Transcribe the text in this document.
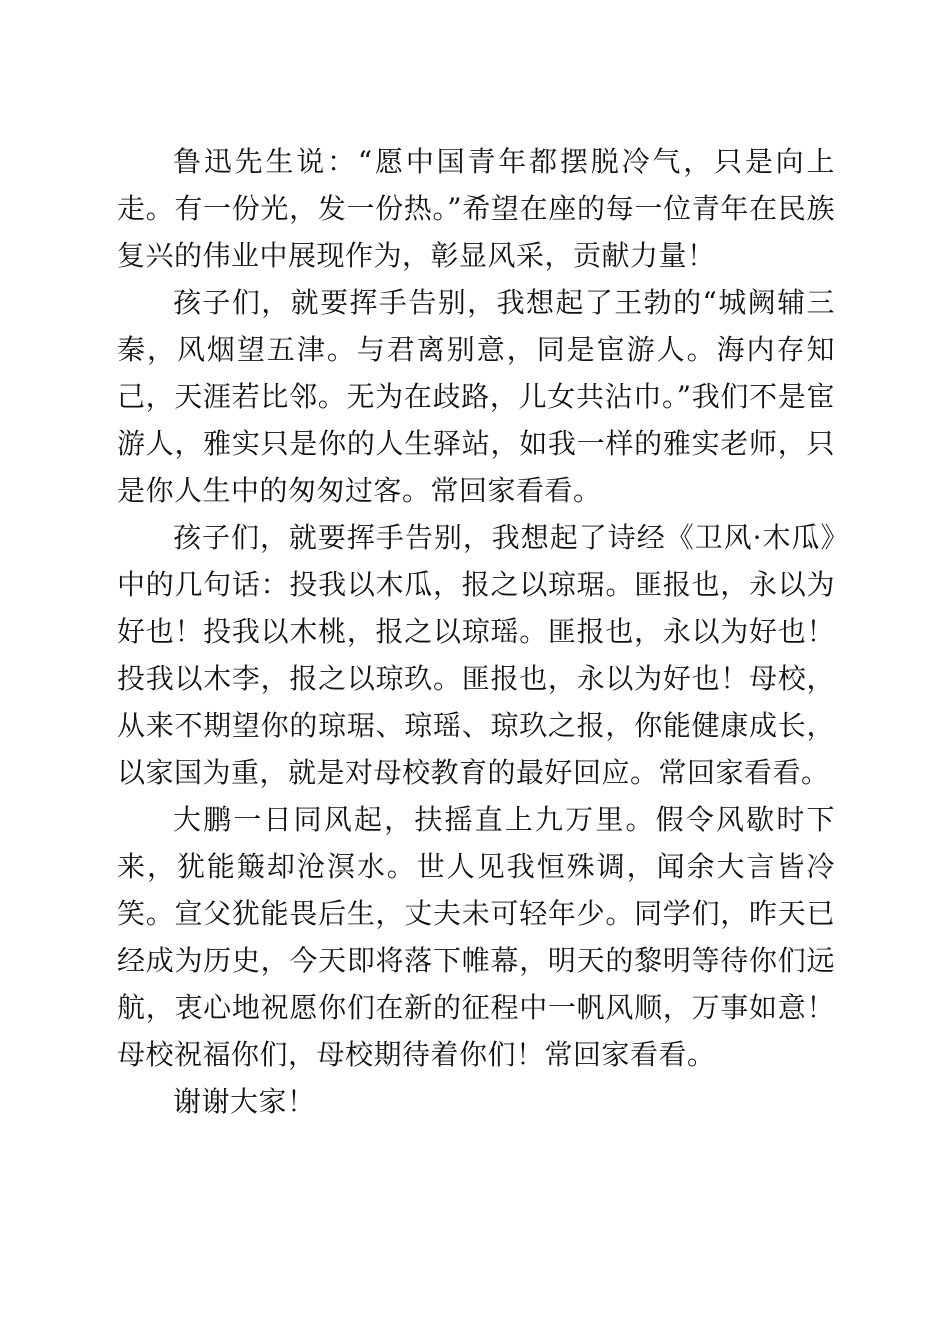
鲁迅先生说：“愿中国青年都摆脱冷气，只是向上走。有一份光，发一份热。”希望在座的每一位青年在民族复兴的伟业中展现作为，彰显风采，贡献力量！

孩子们，就要挥手告别，我想起了王勃的“城阙辅三秦，风烟望五津。与君离别意，同是宦游人。海内存知己，天涯若比邻。无为在歧路，儿女共沾巾。”我们不是宦游人，雅实只是你的人生驿站，如我一样的雅实老师，只是你人生中的匆匆过客。常回家看看。

孩子们，就要挥手告别，我想起了诗经《卫风·木瓜》中的几句话：投我以木瓜，报之以琼琚。匪报也，永以为好也！投我以木桃，报之以琼瑶。匪报也，永以为好也！投我以木李，报之以琼玖。匪报也，永以为好也！母校，从来不期望你的琼琚、琼瑶、琼玖之报，你能健康成长，以家国为重，就是对母校教育的最好回应。常回家看看。

大鹏一日同风起，扶摇直上九万里。假令风歇时下来，犹能簸却沧溟水。世人见我恒殊调，闻余大言皆冷笑。宣父犹能畏后生，丈夫未可轻年少。同学们，昨天已经成为历史，今天即将落下帷幕，明天的黎明等待你们远航，衷心地祝愿你们在新的征程中一帆风顺，万事如意！母校祝福你们，母校期待着你们！常回家看看。

谢谢大家！
